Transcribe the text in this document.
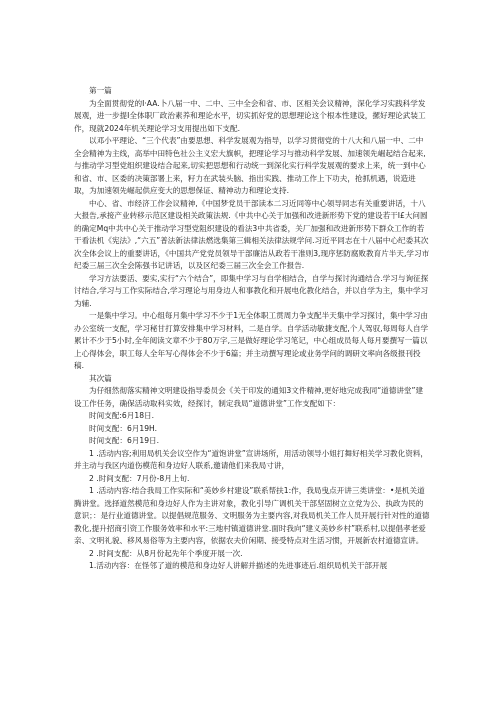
第一篇

为全面贯彻党的I·AA.卜八届一中、二中、三中全会和省、市、区相关会议精神，深化学习实践科学发展观，进一步提I全体职厂政治素养和理论水平，切实抓好党的思想理论这个根本性建设，摞好理论武装工作，现就2024年机关理论学习支用提出如下支配.

以邓小平理论、“三个代表”由要思想、科学发展观为指导，以学习贯彻党的十八大和八届一中、二中全会精神为主线，高举中田特色社公主义宏大旗帜，把理论学习与推动科学发展、加速领先崛起结合起来,与推动学习型党组织建设结合起来,切实把思想和行动统一到深化实行科学发展观的要求上来，统一到中心和省、市、区委的决策部署上来，籽力在武装头脑、指出实践、推动工作上下功夫，抢抓机遇，说造进取，为加速领先崛起供应变大的思想保证、精神动力和理论支持.

中心、省、市经济工作会议精神,《中国梦党员干部读本二习近同等中心领导同志有关重要讲话，十八大报告,承接产业转移示范区建设相关政策法规.《中共中心关于加强和改进新形势下党的建设若干I£大问圆的确定Mq中共中心关于推动学习型党阻织建设的看法3中共省委，关厂加强和改进新形势下群众工作的若干看法机《宪法》,“六五”普法新法律法燃选集第三辑相关法律法规学问.习近平同志在十八届中心纪委其次次全体会议上的重要讲话，《中国共产党党员领导干部廉洁从政若干准则3,现序惩防腐败教育片半天,学习市纪委三届三次全会陈强书记讲话，以及区纪委三届三次全会工作报告.

学习方法要活、要实,实行“六个结合”，即集中学习与自学相结合，自学与探讨沟通结合.学习与询征探讨结合,学习与工作实际结合,学习理论与用身边人和事教化和开展电化教化结合，并以自学为主，集中学习为辅.

一是集中学习。中心组每月集中学习不少于1无全体职工贯周力争支配半天集中学习探讨，集中学习由办公室统一支配，学习秘甘打算安排集中学习材料，二是自学。自学活动敏捷支配,个人驾驭,每周每人自学累计不少于5小时,全年阅读文章不少于80万字,三是做好理论学习笔记，中心组成员每人每月要撰写一篇以上心得体会，职工每人全年写心得体会不少于6篇；并主动撰写理论或业务学问的调研文率向各级报刊投稿.

其次篇

为仔细然彻落实精神文明建设指导委员会《关于印发的通知3文件精神,更好地完成我同“道德讲堂”建设工作任务，确保活动取科实效，经探讨，制定我局“道德讲堂”工作支配如下：

时间支配:6月18日.

时间支配：6月19H.

时间支配：6月19日.

1 .活动内容;利用局机关会议空作为“道饱讲堂”宣讲场所，用活动领导小姐打舞好相关学习教化资料，并主动与我区内道伤模范和身边好人联系,邀请他们来我局寸讲，

2 .时间支配：7月份-8月上旬.

1 .活动内容:结合我局工作实际和“美妙乡村建设”联系帮扶1:作，我局曳点开讲三类讲堂：•是机关道腾讲堂。选择道然模范和身边好人作为主讲对象，教化引导广调机关干部坚固树立立党为公、执政为民的意识；：是行业道德讲堂。以提倡规范服务、文明服务为主要内容,对我局机关工作人员开展行针对性的道德教化,提升招商引资工作服务效率和水平:三地村镇道德讲堂.面时我向“建义美妙乡村”联系村,以提倡孝老爱亲、文明礼貌、移风易俗等为主要内容，依据农夫价闲期、接受特点对生活习惯，开展新农村道德宣讲。

2 .时间支配：从8月份起先年个季度开展一次.

1.活动内容：在怪邻了道的模范和身边好人讲解并描述的先进事迹后.组织局机关干部开展
